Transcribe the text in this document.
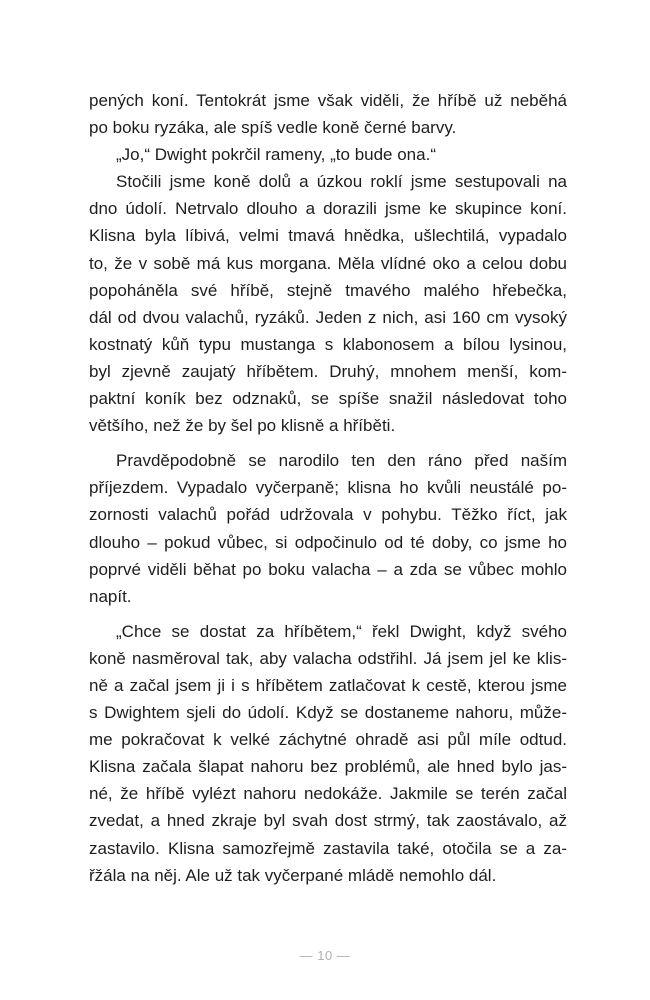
pených koní. Tentokrát jsme však viděli, že hříbě už neběhá

po boku ryzáka, ale spíš vedle koně černé barvy.

„Jo,“ Dwight pokrčil rameny, „to bude ona.“

Stočili jsme koně dolů a úzkou roklí jsme sestupovali na

dno údolí. Netrvalo dlouho a dorazili jsme ke skupince koní.

Klisna byla líbivá, velmi tmavá hnědka, ušlechtilá, vypadalo

to, že v sobě má kus morgana. Měla vlídné oko a celou dobu

popoháněla své hříbě, stejně tmavého malého hřebečka,

dál od dvou valachů, ryzáků. Jeden z nich, asi 160 cm vysoký

kostnatý kůň typu mustanga s klabonosem a bílou lysinou,

byl zjevně zaujatý hříbětem. Druhý, mnohem menší, kom-

paktní koník bez odznaků, se spíše snažil následovat toho

většího, než že by šel po klisně a hříběti.

Pravděpodobně se narodilo ten den ráno před naším

příjezdem. Vypadalo vyčerpaně; klisna ho kvůli neustálé po-

zornosti valachů pořád udržovala v pohybu. Těžko říct, jak

dlouho – pokud vůbec, si odpočinulo od té doby, co jsme ho

poprvé viděli běhat po boku valacha – a zda se vůbec mohlo

napít.

„Chce se dostat za hříbětem,“ řekl Dwight, když svého

koně nasměroval tak, aby valacha odstřihl. Já jsem jel ke klis-

ně a začal jsem ji i s hříbětem zatlačovat k cestě, kterou jsme

s Dwightem sjeli do údolí. Když se dostaneme nahoru, může-

me pokračovat k velké záchytné ohradě asi půl míle odtud.

Klisna začala šlapat nahoru bez problémů, ale hned bylo jas-

né, že hříbě vylézt nahoru nedokáže. Jakmile se terén začal

zvedat, a hned zkraje byl svah dost strmý, tak zaostávalo, až

zastavilo. Klisna samozřejmě zastavila také, otočila se a za-

řžála na něj. Ale už tak vyčerpané mládě nemohlo dál.

— 10 —
